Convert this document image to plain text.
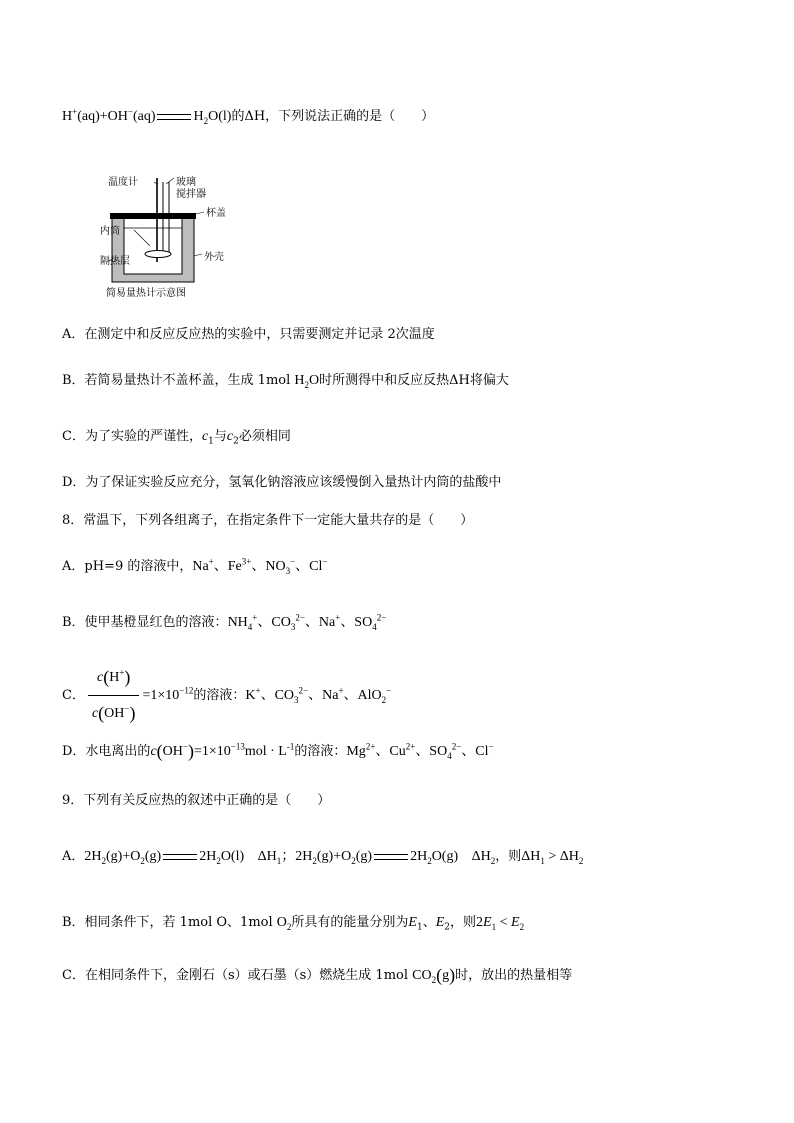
H+(aq)+OH−(aq)	$H_2O(l)$的ΔH，下列说法正确的是（　　）
温度计	玻璃
搅拌器
杯盖
内筒
外壳
隔热层
简易量热计示意图
A．在测定中和反应反应热的实验中，只需要测定并记录 2次温度
B．若简易量热计不盖杯盖，生成 1mol $H_2O$时所测得中和反应反热ΔH将偏大
C．为了实验的严谨性，$c_1$与$c_2$必须相同
D．为了保证实验反应充分，氢氧化钠溶液应该缓慢倒入量热计内筒的盐酸中
8．常温下，下列各组离子，在指定条件下一定能大量共存的是（　　）
A．pH=9 的溶液中，Na+、$Fe^{3+}$、$NO_3^-$、Cl−
B．使甲基橙显红色的溶液：$NH_4^+$、$CO_3^{2-}$、Na+、$SO_4^{2-}$
C． $\frac{c(H^+)}{c(OH^-)} =1\times 10^{-12}$的溶液：K+、$CO_3^{2-}$、Na+、AlO$_2$−
D．水电离出的$c(OH^-)=1\times 10^{-13}mol \cdot L^{-1}$的溶液：$Mg^{2+}$、$Cu^{2+}$、$SO_4^{2-}$、Cl−
9．下列有关反应热的叙述中正确的是（　　）
A．$2H_2(g)+O_2(g)$	$2H_2O(l)$ $\Delta H_1$；$2H_2(g)+O_2(g)$	$2H_2O(g)$ $\Delta H_2$，则$\Delta H_1 > \Delta H_2$
B．相同条件下，若 1mol O、1mol $O_2$所具有的能量分别为$E_1$、$E_2$，则$2E_1 < E_2$
C．在相同条件下，金刚石（s）或石墨（s）燃烧生成 1mol $CO_2(g)$时，放出的热量相等
